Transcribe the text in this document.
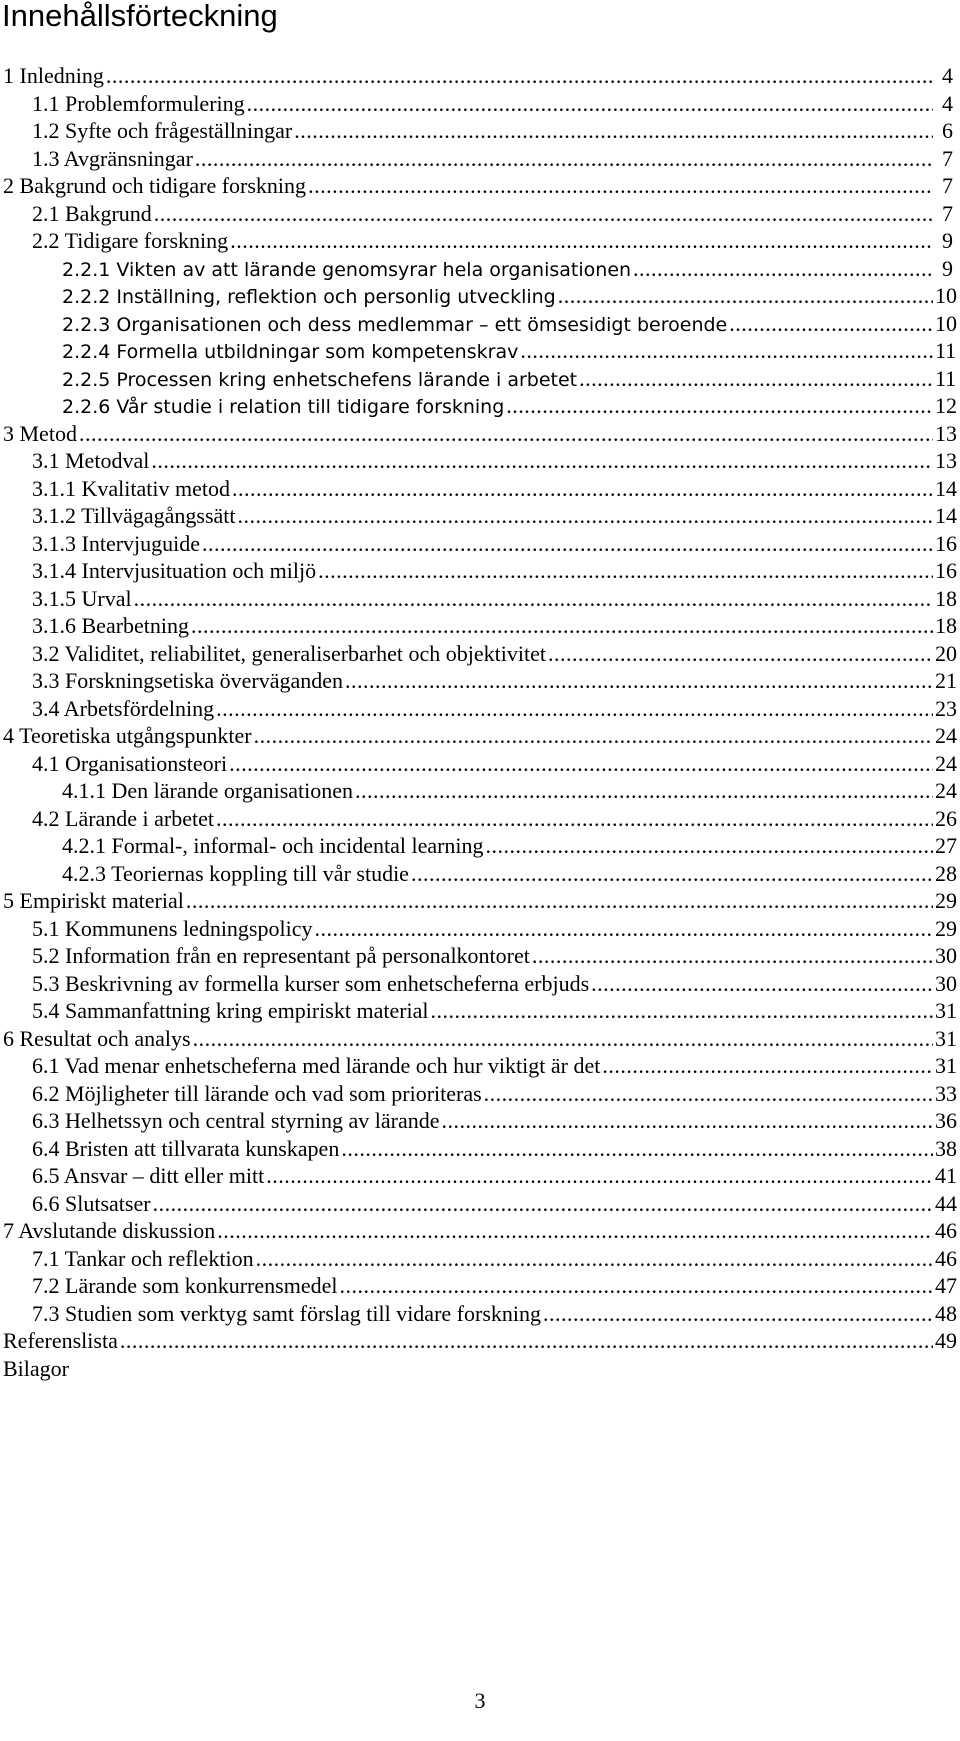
Innehållsförteckning
1 Inledning .....	4
1.1 Problemformulering .....	4
1.2 Syfte och frågeställningar .....	6
1.3 Avgränsningar .....	7
2 Bakgrund och tidigare forskning .....	7
2.1 Bakgrund .....	7
2.2 Tidigare forskning .....	9
2.2.1 Vikten av att lärande genomsyrar hela organisationen .....	9
2.2.2 Inställning, reflektion och personlig utveckling .....	10
2.2.3 Organisationen och dess medlemmar – ett ömsesidigt beroende .....	10
2.2.4 Formella utbildningar som kompetenskrav .....	11
2.2.5 Processen kring enhetschefens lärande i arbetet .....	11
2.2.6 Vår studie i relation till tidigare forskning .....	12
3 Metod .....	13
3.1 Metodval .....	13
3.1.1 Kvalitativ metod .....	14
3.1.2 Tillvägagångssätt .....	14
3.1.3 Intervjuguide .....	16
3.1.4 Intervjusituation och miljö .....	16
3.1.5 Urval .....	18
3.1.6 Bearbetning .....	18
3.2 Validitet, reliabilitet, generaliserbarhet och objektivitet .....	20
3.3 Forskningsetiska överväganden .....	21
3.4 Arbetsfördelning .....	23
4 Teoretiska utgångspunkter .....	24
4.1 Organisationsteori .....	24
4.1.1 Den lärande organisationen .....	24
4.2 Lärande i arbetet .....	26
4.2.1 Formal-, informal- och incidental learning .....	27
4.2.3 Teoriernas koppling till vår studie .....	28
5 Empiriskt material .....	29
5.1 Kommunens ledningspolicy .....	29
5.2 Information från en representant på personalkontoret .....	30
5.3 Beskrivning av formella kurser som enhetscheferna erbjuds .....	30
5.4 Sammanfattning kring empiriskt material .....	31
6 Resultat och analys .....	31
6.1 Vad menar enhetscheferna med lärande och hur viktigt är det .....	31
6.2 Möjligheter till lärande och vad som prioriteras .....	33
6.3 Helhetssyn och central styrning av lärande .....	36
6.4 Bristen att tillvarata kunskapen .....	38
6.5 Ansvar – ditt eller mitt .....	41
6.6 Slutsatser .....	44
7 Avslutande diskussion .....	46
7.1 Tankar och reflektion .....	46
7.2 Lärande som konkurrensmedel .....	47
7.3 Studien som verktyg samt förslag till vidare forskning .....	48
Referenslista .....	49
Bilagor
3
